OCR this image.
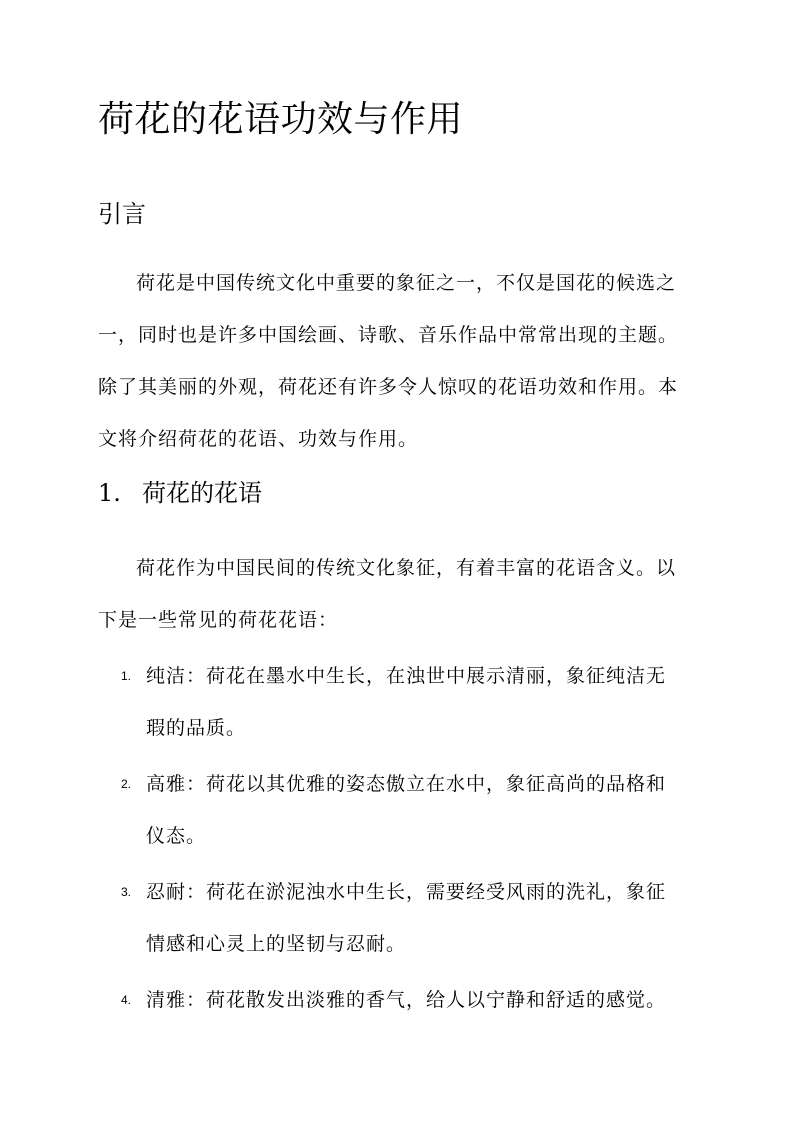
荷花的花语功效与作用
引言

荷花是中国传统文化中重要的象征之一，不仅是国花的候选之
一，同时也是许多中国绘画、诗歌、音乐作品中常常出现的主题。
除了其美丽的外观，荷花还有许多令人惊叹的花语功效和作用。本
文将介绍荷花的花语、功效与作用。

1. 荷花的花语

荷花作为中国民间的传统文化象征，有着丰富的花语含义。以
下是一些常见的荷花花语：

1. 纯洁：荷花在墨水中生长，在浊世中展示清丽，象征纯洁无
瑕的品质。
2. 高雅：荷花以其优雅的姿态傲立在水中，象征高尚的品格和
仪态。
3. 忍耐：荷花在淤泥浊水中生长，需要经受风雨的洗礼，象征
情感和心灵上的坚韧与忍耐。
4. 清雅：荷花散发出淡雅的香气，给人以宁静和舒适的感觉。
